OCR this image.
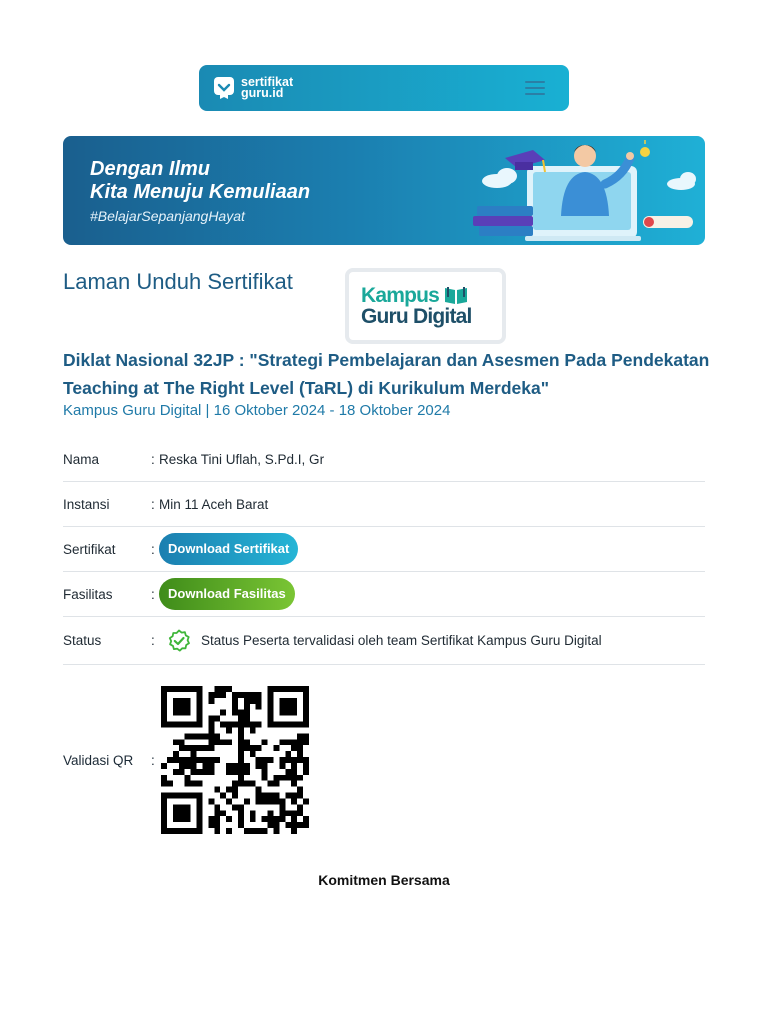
sertifikat
guru.id
Dengan Ilmu
Kita Menuju Kemuliaan
#BelajarSepanjangHayat
Laman Unduh Sertifikat
Kampus
Guru Digital
Diklat Nasional 32JP : "Strategi Pembelajaran dan Asesmen Pada Pendekatan Teaching at The Right Level (TaRL) di Kurikulum Merdeka"
Kampus Guru Digital | 16 Oktober 2024 - 18 Oktober 2024
Nama	: Reska Tini Uflah, S.Pd.I, Gr
Instansi	: Min 11 Aceh Barat
Sertifikat	:	Download Sertifikat
Fasilitas	:	Download Fasilitas
Status	:	Status Peserta tervalidasi oleh team Sertifikat Kampus Guru Digital
Validasi QR	:
Komitmen Bersama
